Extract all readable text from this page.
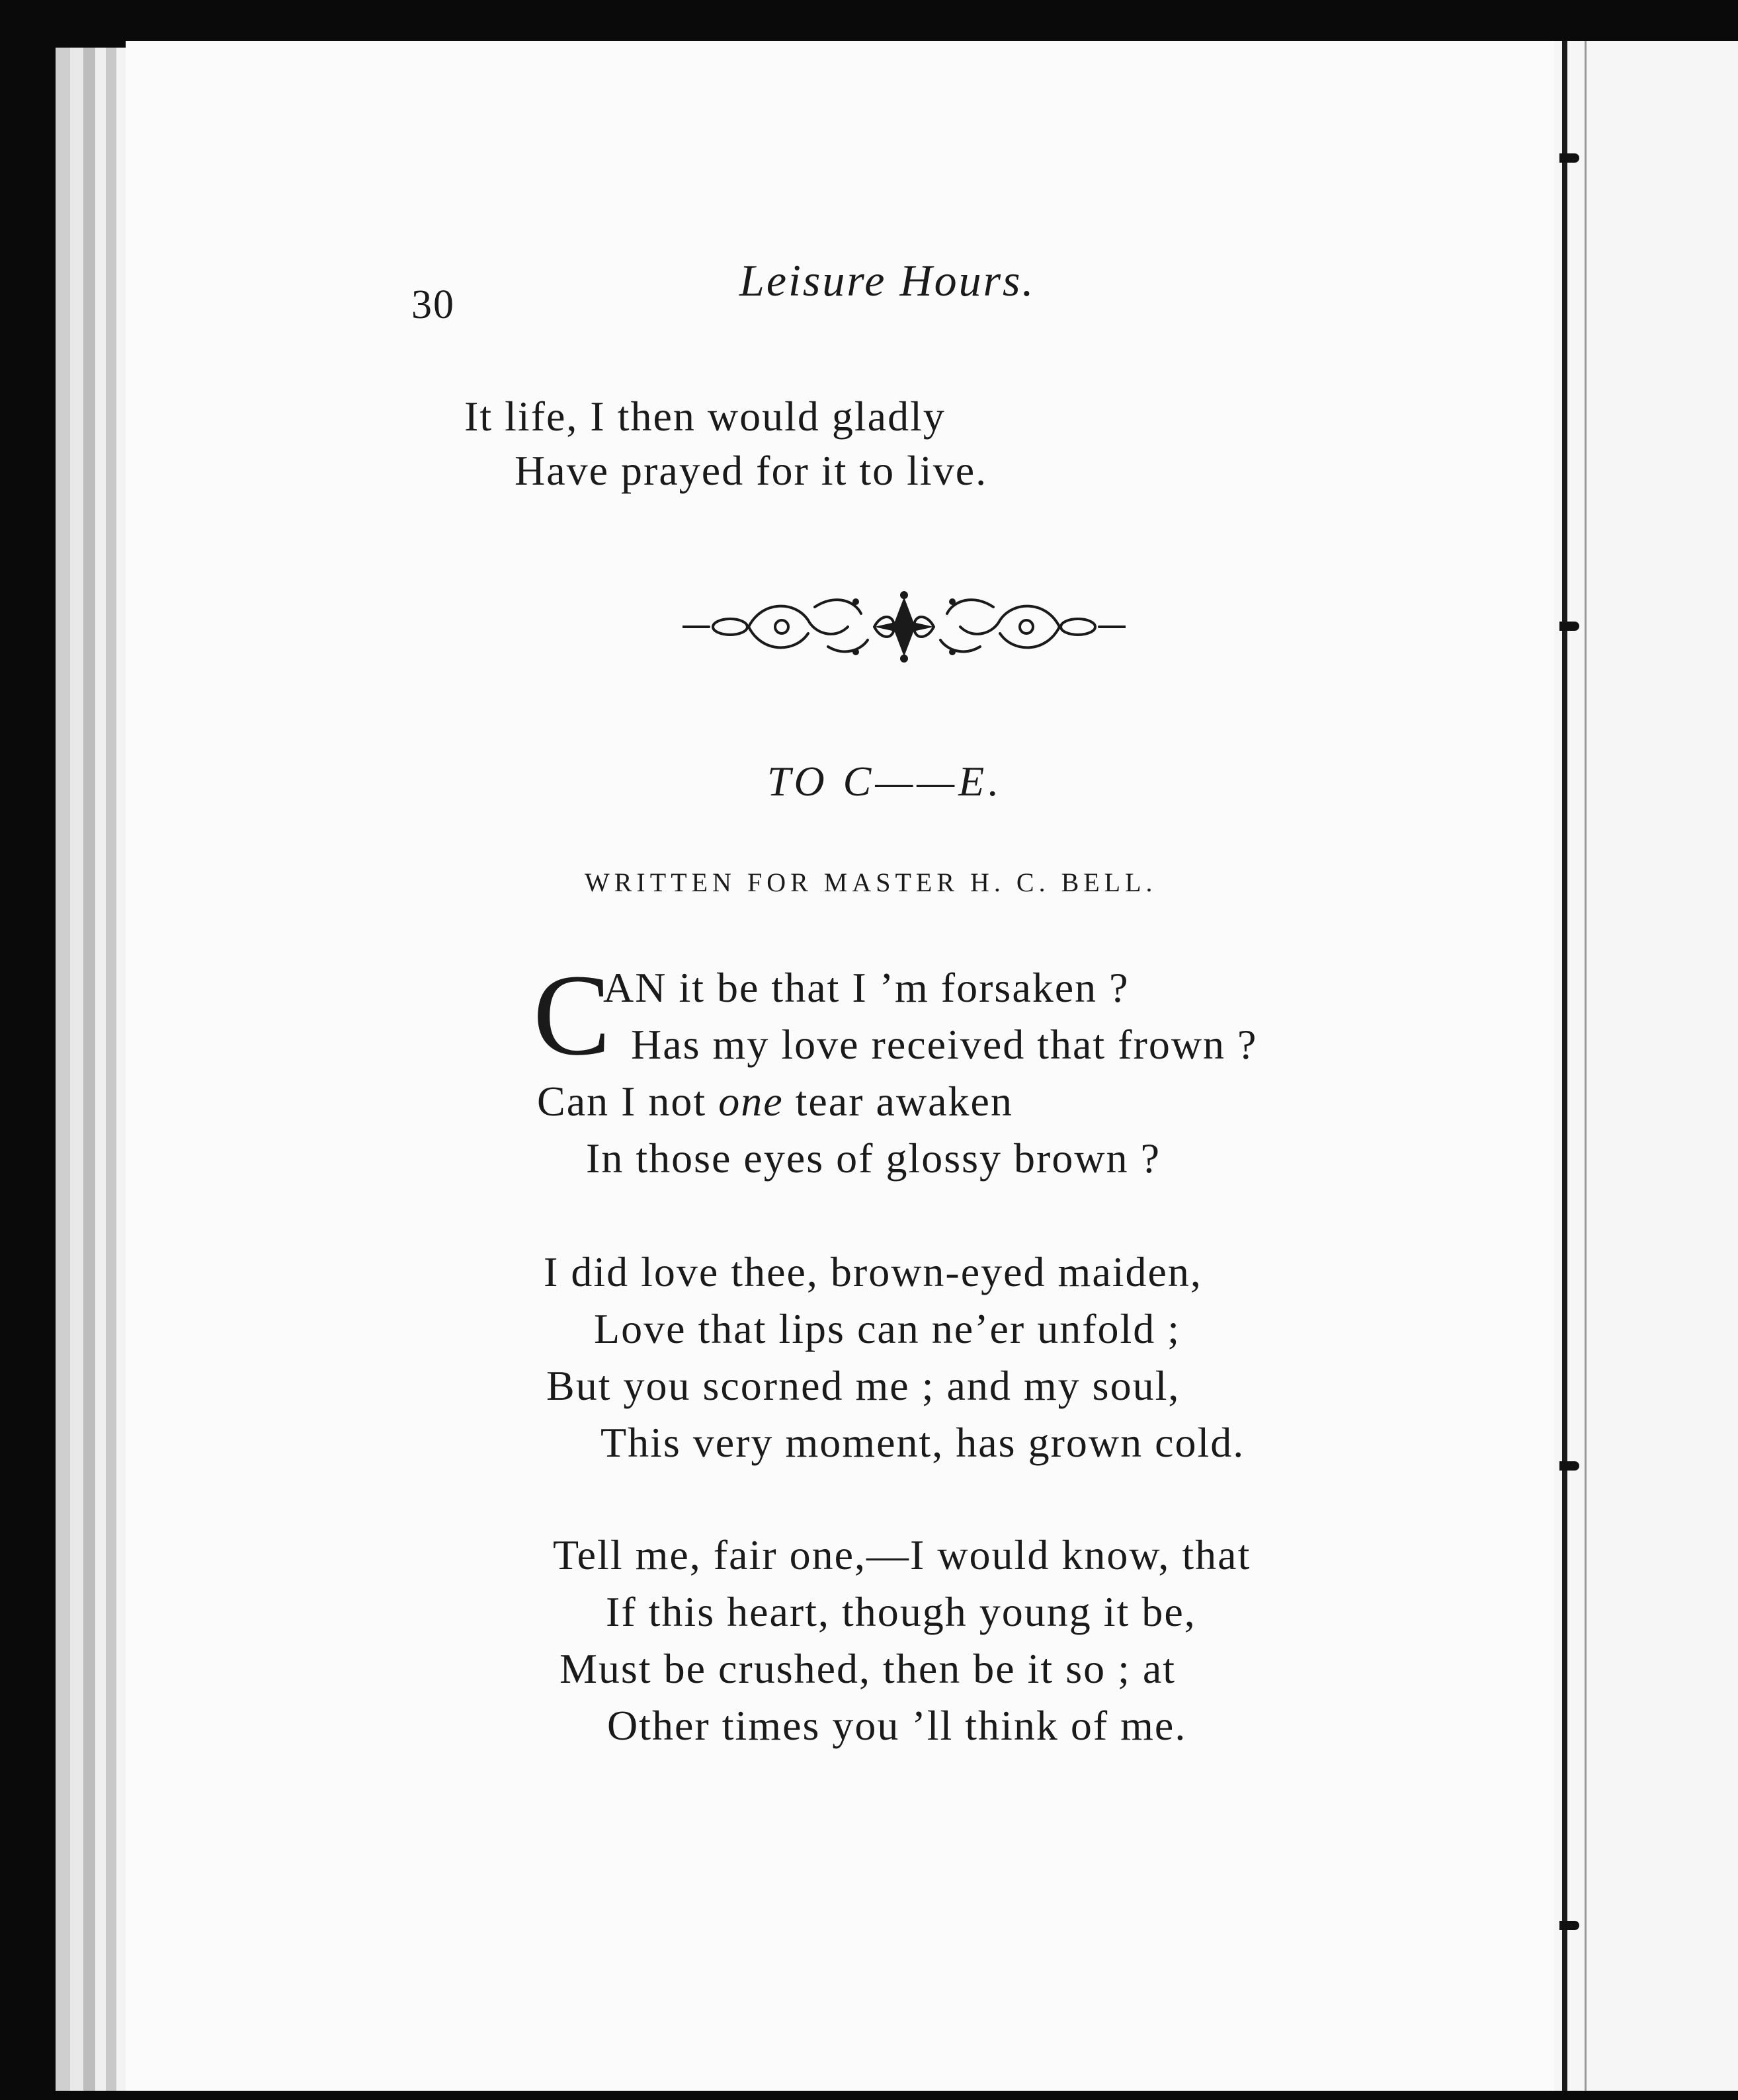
30	Leisure Hours.
It life, I then would gladly
Have prayed for it to live.
TO C——E.
WRITTEN FOR MASTER H. C. BELL.
C
AN it be that I ’m forsaken ?
Has my love received that frown ?
Can I not one tear awaken
In those eyes of glossy brown ?
I did love thee, brown-eyed maiden,
Love that lips can ne’er unfold ;
But you scorned me ; and my soul,
This very moment, has grown cold.
Tell me, fair one,—I would know, that
If this heart, though young it be,
Must be crushed, then be it so ; at
Other times you ’ll think of me.
